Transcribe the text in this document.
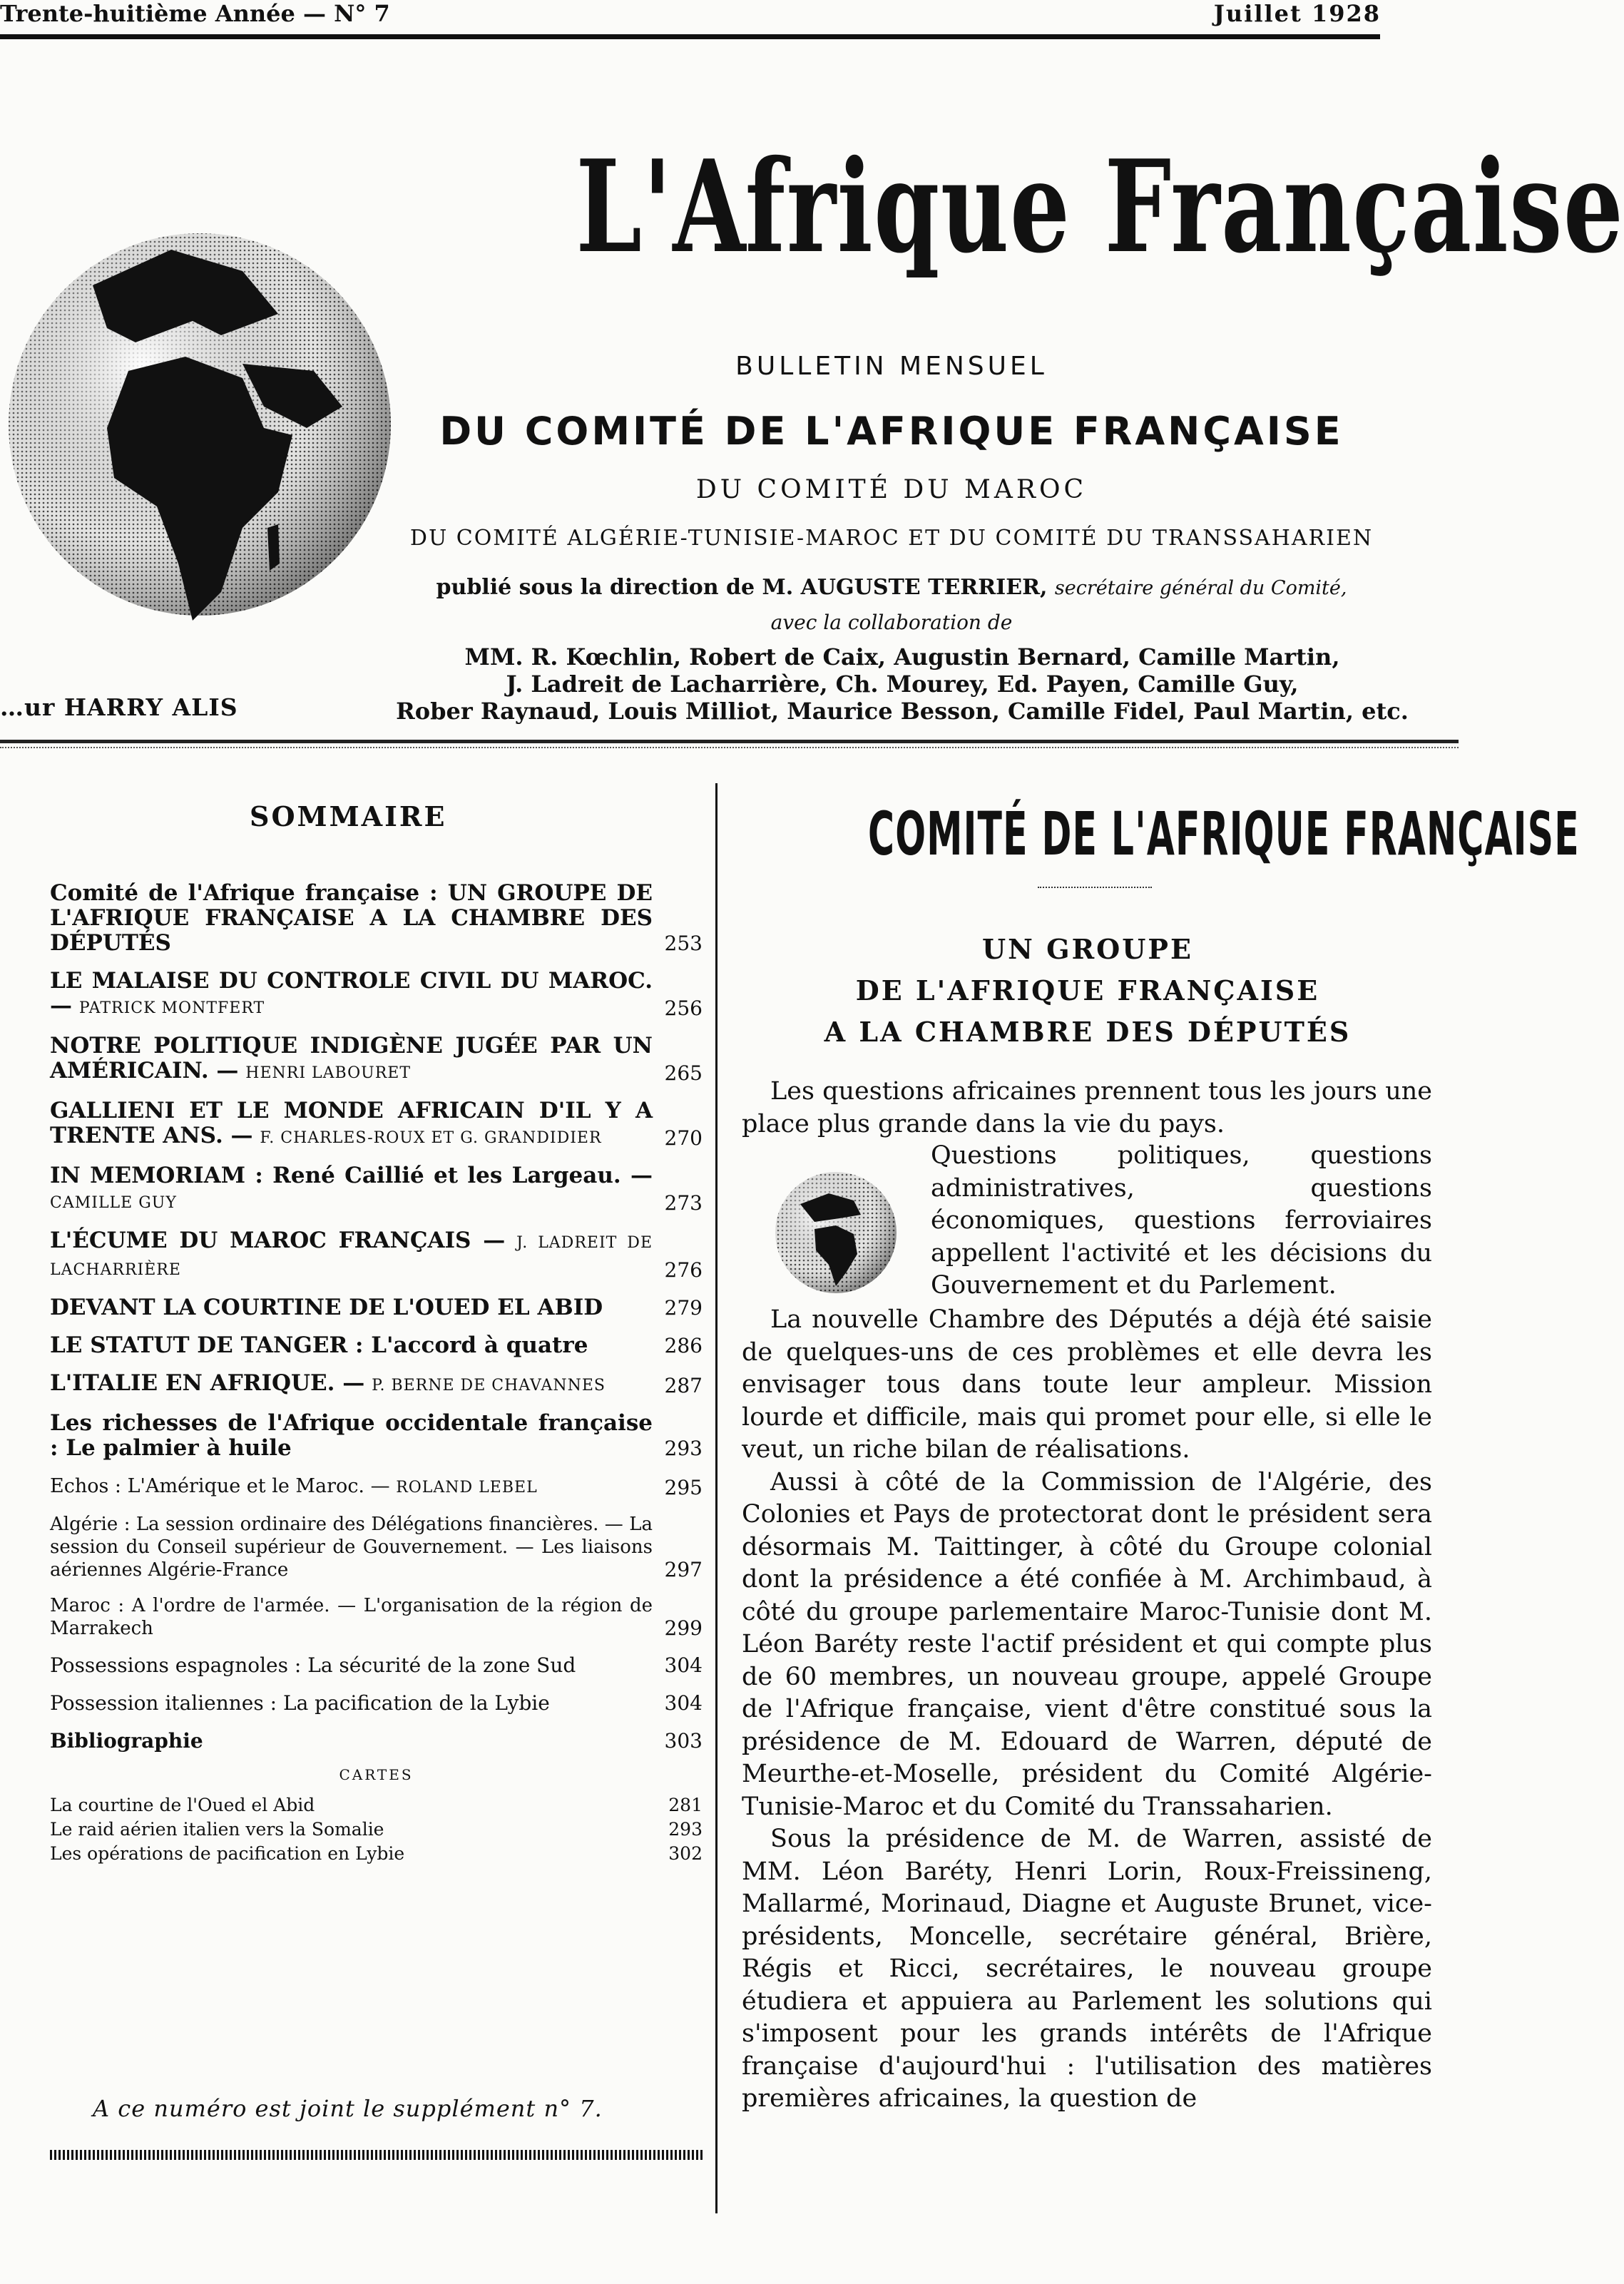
Trente-huitième Année — N° 7	Juillet 1928
…ur HARRY ALIS
L'Afrique Française
BULLETIN MENSUEL
DU COMITÉ DE L'AFRIQUE FRANÇAISE
DU COMITÉ DU MAROC
DU COMITÉ ALGÉRIE-TUNISIE-MAROC ET DU COMITÉ DU TRANSSAHARIEN
publié sous la direction de M. AUGUSTE TERRIER, secrétaire général du Comité,
avec la collaboration de
MM. R. Kœchlin, Robert de Caix, Augustin Bernard, Camille Martin,
J. Ladreit de Lacharrière, Ch. Mourey, Ed. Payen, Camille Guy,
Rober Raynaud, Louis Milliot, Maurice Besson, Camille Fidel, Paul Martin, etc.
SOMMAIRE
Comité de l'Afrique française : UN GROUPE DE L'AFRIQUE FRANÇAISE A LA CHAMBRE DES DÉPUTÉS	253
LE MALAISE DU CONTROLE CIVIL DU MAROC. — PATRICK MONTFERT	256
NOTRE POLITIQUE INDIGÈNE JUGÉE PAR UN AMÉRICAIN. — HENRI LABOURET	265
GALLIENI ET LE MONDE AFRICAIN D'IL Y A TRENTE ANS. — F. CHARLES-ROUX ET G. GRANDIDIER	270
IN MEMORIAM : René Caillié et les Largeau. — CAMILLE GUY	273
L'ÉCUME DU MAROC FRANÇAIS — J. LADREIT DE LACHARRIÈRE	276
DEVANT LA COURTINE DE L'OUED EL ABID	279
LE STATUT DE TANGER : L'accord à quatre	286
L'ITALIE EN AFRIQUE. — P. BERNE DE CHAVANNES	287
Les richesses de l'Afrique occidentale française : Le palmier à huile	293
Echos : L'Amérique et le Maroc. — ROLAND LEBEL	295
Algérie : La session ordinaire des Délégations financières. — La session du Conseil supérieur de Gouvernement. — Les liaisons aériennes Algérie-France	297
Maroc : A l'ordre de l'armée. — L'organisation de la région de Marrakech	299
Possessions espagnoles : La sécurité de la zone Sud	304
Possession italiennes : La pacification de la Lybie	304
Bibliographie	303
CARTES
La courtine de l'Oued el Abid	281
Le raid aérien italien vers la Somalie	293
Les opérations de pacification en Lybie	302
A ce numéro est joint le supplément n° 7.
COMITÉ DE L'AFRIQUE FRANÇAISE
UN GROUPE
DE L'AFRIQUE FRANÇAISE
A LA CHAMBRE DES DÉPUTÉS

Les questions africaines prennent tous les jours une place plus grande dans la vie du pays.

Questions politiques, questions administratives, questions économiques, questions ferroviaires appellent l'activité et les décisions du Gouvernement et du Parlement.

La nouvelle Chambre des Députés a déjà été saisie de quelques-uns de ces problèmes et elle devra les envisager tous dans toute leur ampleur. Mission lourde et difficile, mais qui promet pour elle, si elle le veut, un riche bilan de réalisations.

Aussi à côté de la Commission de l'Algérie, des Colonies et Pays de protectorat dont le président sera désormais M. Taittinger, à côté du Groupe colonial dont la présidence a été confiée à M. Archimbaud, à côté du groupe parlementaire Maroc-Tunisie dont M. Léon Baréty reste l'actif président et qui compte plus de 60 membres, un nouveau groupe, appelé Groupe de l'Afrique française, vient d'être constitué sous la présidence de M. Edouard de Warren, député de Meurthe-et-Moselle, président du Comité Algérie-Tunisie-Maroc et du Comité du Transsaharien.

Sous la présidence de M. de Warren, assisté de MM. Léon Baréty, Henri Lorin, Roux-Freissineng, Mallarmé, Morinaud, Diagne et Auguste Brunet, vice-présidents, Moncelle, secrétaire général, Brière, Régis et Ricci, secrétaires, le nouveau groupe étudiera et appuiera au Parlement les solutions qui s'imposent pour les grands intérêts de l'Afrique française d'aujourd'hui : l'utilisation des matières premières africaines, la question de
